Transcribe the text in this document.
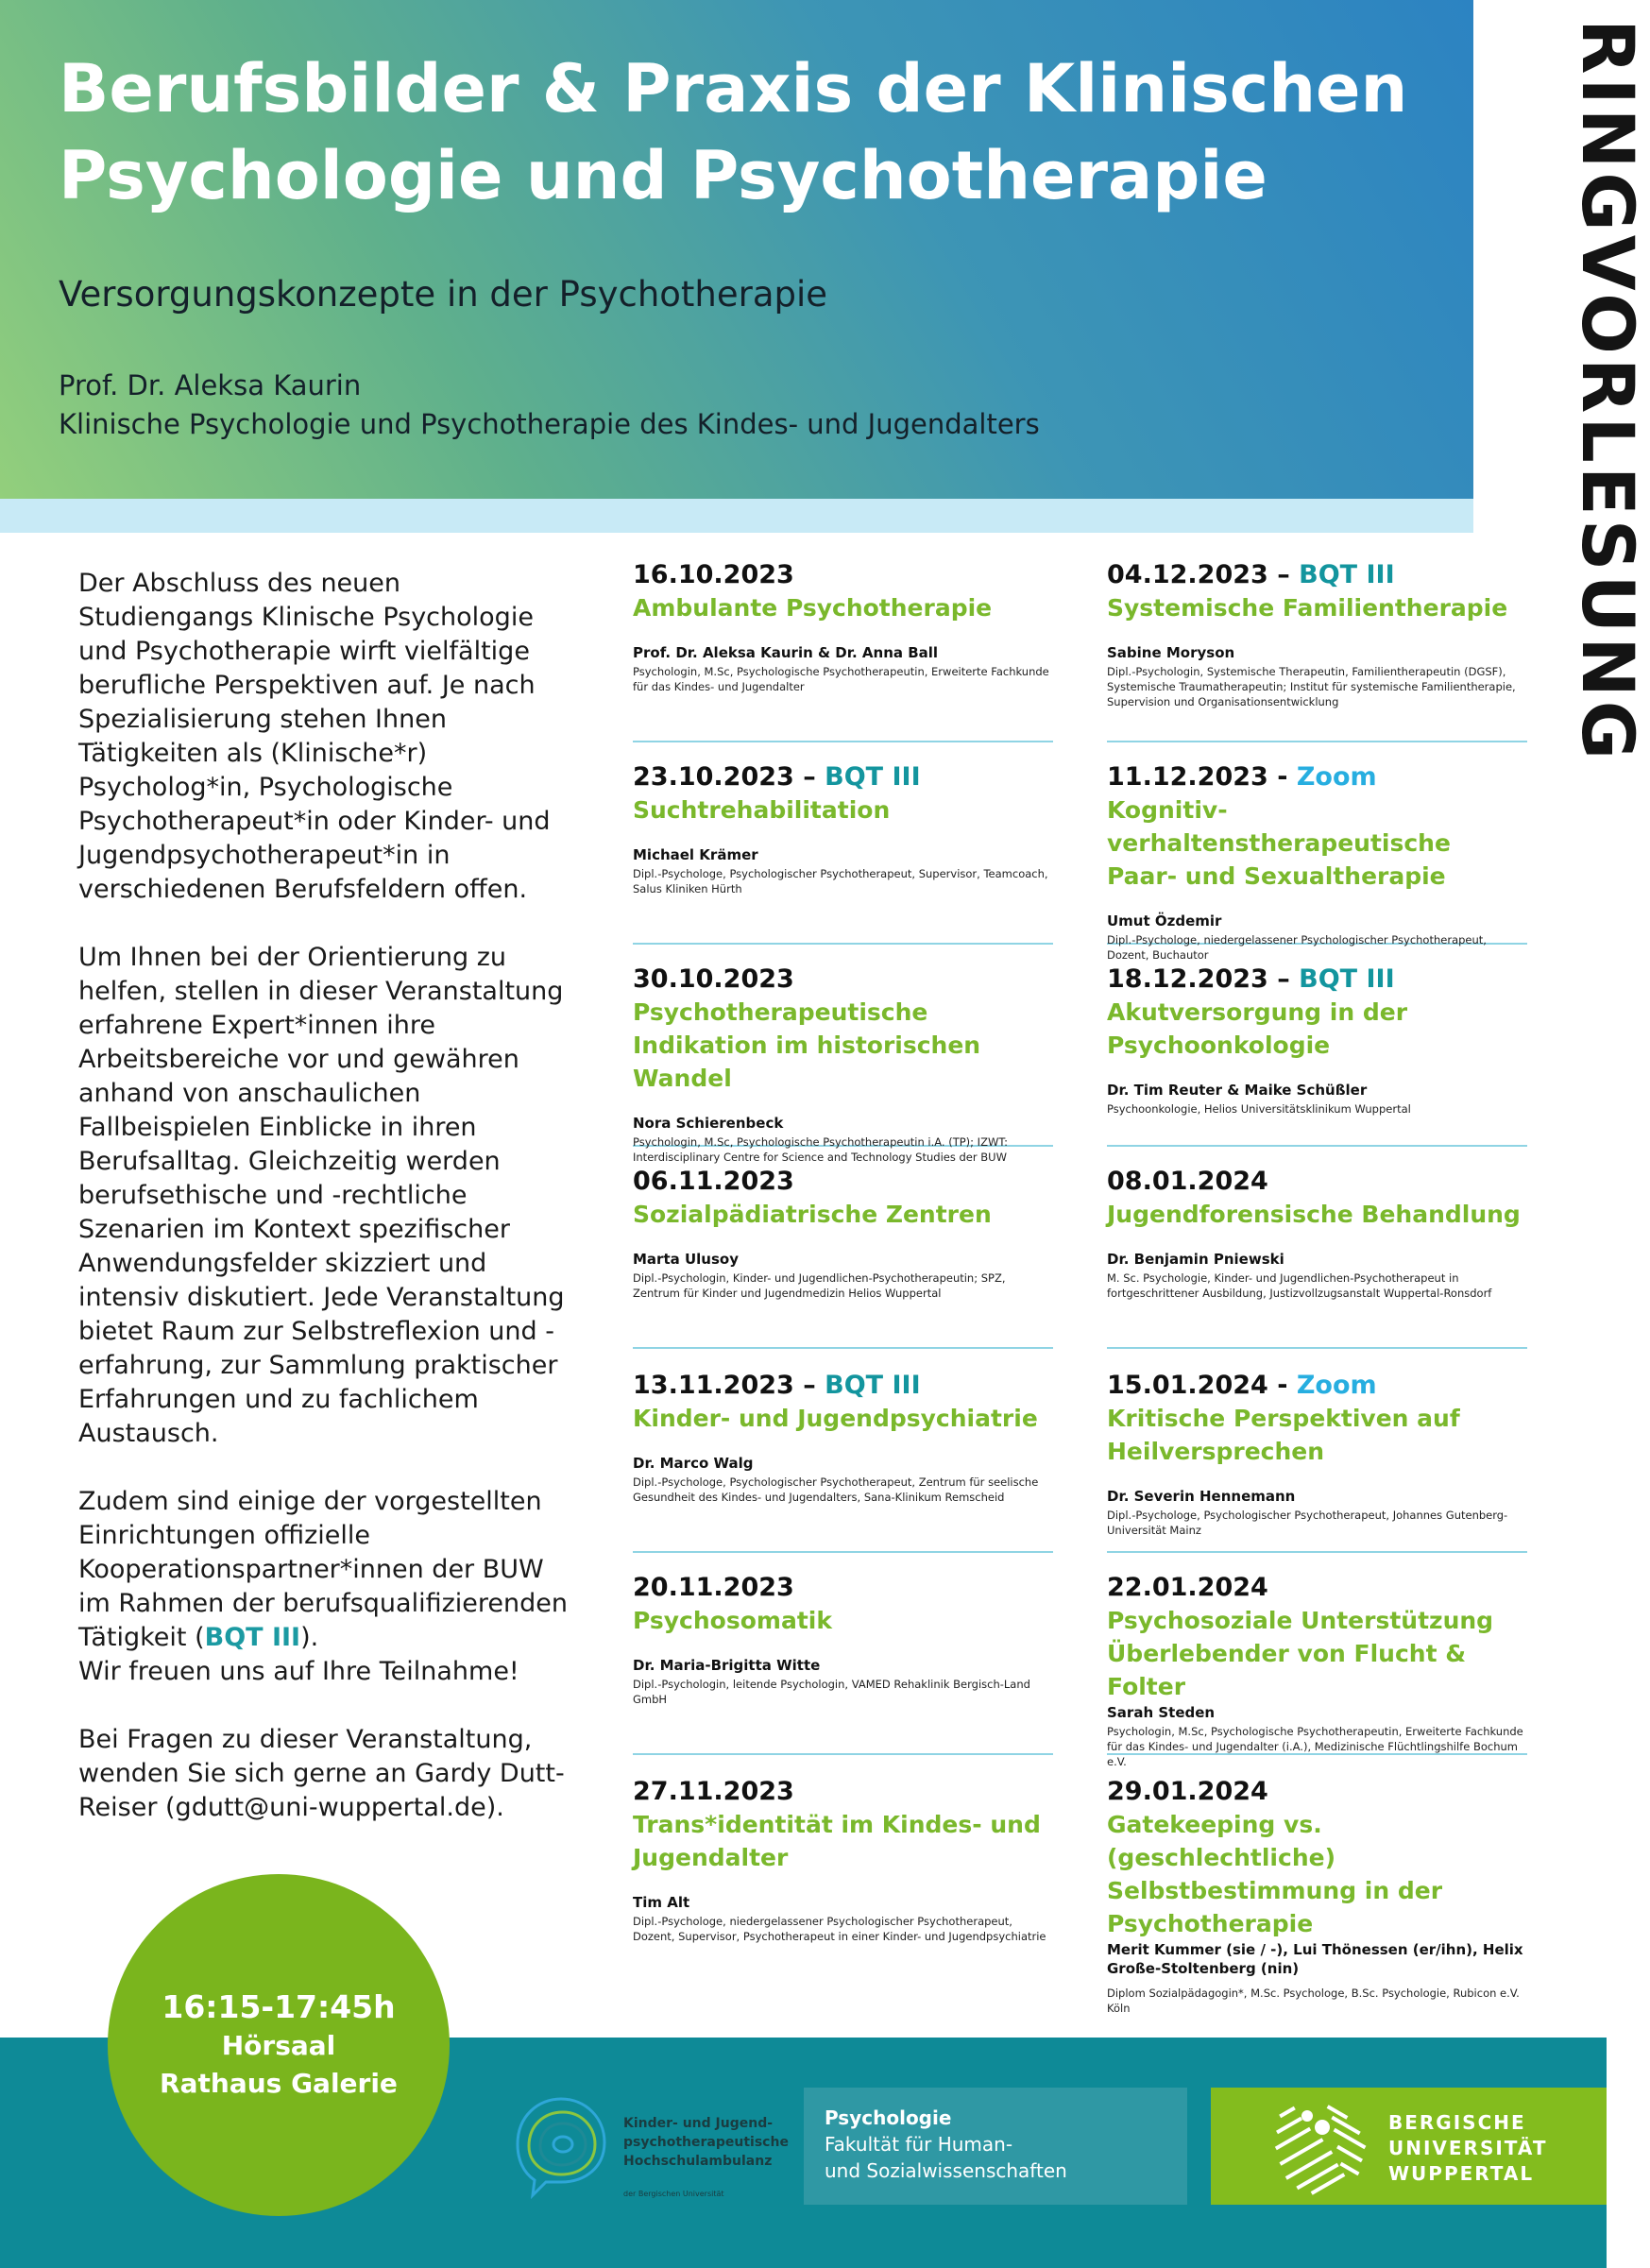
Berufsbilder & Praxis der Klinischen
Psychologie und Psychotherapie
Versorgungskonzepte in der Psychotherapie
Prof. Dr. Aleksa Kaurin
Klinische Psychologie und Psychotherapie des Kindes- und Jugendalters	RINGVORLESUNG

Der Abschluss des neuen Studiengangs Klinische Psychologie und Psychotherapie wirft vielfältige berufliche Perspektiven auf. Je nach Spezialisierung stehen Ihnen Tätigkeiten als (Klinische*r) Psycholog*in, Psychologische Psychotherapeut*in oder Kinder- und Jugendpsychotherapeut*in in verschiedenen Berufsfeldern offen.

Um Ihnen bei der Orientierung zu helfen, stellen in dieser Veranstaltung erfahrene Expert*innen ihre Arbeitsbereiche vor und gewähren anhand von anschaulichen Fallbeispielen Einblicke in ihren Berufsalltag. Gleichzeitig werden berufsethische und -rechtliche Szenarien im Kontext spezifischer Anwendungsfelder skizziert und intensiv diskutiert. Jede Veranstaltung bietet Raum zur Selbstreflexion und -erfahrung, zur Sammlung praktischer Erfahrungen und zu fachlichem Austausch.

Zudem sind einige der vorgestellten Einrichtungen offizielle Kooperationspartner*innen der BUW im Rahmen der berufsqualifizierenden Tätigkeit (BQT III).
Wir freuen uns auf Ihre Teilnahme!

Bei Fragen zu dieser Veranstaltung, wenden Sie sich gerne an Gardy Dutt-Reiser (gdutt@uni-wuppertal.de).

16.10.2023
Ambulante Psychotherapie
Prof. Dr. Aleksa Kaurin & Dr. Anna Ball
Psychologin, M.Sc, Psychologische Psychotherapeutin, Erweiterte Fachkunde für das Kindes- und Jugendalter
23.10.2023 – BQT III
Suchtrehabilitation
Michael Krämer
Dipl.-Psychologe, Psychologischer Psychotherapeut, Supervisor, Teamcoach, Salus Kliniken Hürth
30.10.2023
Psychotherapeutische Indikation im historischen Wandel
Nora Schierenbeck
Psychologin, M.Sc, Psychologische Psychotherapeutin i.A. (TP); IZWT: Interdisciplinary Centre for Science and Technology Studies der BUW
06.11.2023
Sozialpädiatrische Zentren
Marta Ulusoy
Dipl.-Psychologin, Kinder- und Jugendlichen-Psychotherapeutin; SPZ, Zentrum für Kinder und Jugendmedizin Helios Wuppertal
13.11.2023 – BQT III
Kinder- und Jugendpsychiatrie
Dr. Marco Walg
Dipl.-Psychologe, Psychologischer Psychotherapeut, Zentrum für seelische Gesundheit des Kindes- und Jugendalters, Sana-Klinikum Remscheid
20.11.2023
Psychosomatik
Dr. Maria-Brigitta Witte
Dipl.-Psychologin, leitende Psychologin, VAMED Rehaklinik Bergisch-Land GmbH
27.11.2023
Trans*identität im Kindes- und Jugendalter
Tim Alt
Dipl.-Psychologe, niedergelassener Psychologischer Psychotherapeut, Dozent, Supervisor, Psychotherapeut in einer Kinder- und Jugendpsychiatrie
04.12.2023 – BQT III
Systemische Familientherapie
Sabine Moryson
Dipl.-Psychologin, Systemische Therapeutin, Familientherapeutin (DGSF), Systemische Traumatherapeutin; Institut für systemische Familientherapie, Supervision und Organisationsentwicklung
11.12.2023 - Zoom
Kognitiv-verhaltenstherapeutische Paar- und Sexualtherapie
Umut Özdemir
Dipl.-Psychologe, niedergelassener Psychologischer Psychotherapeut, Dozent, Buchautor
18.12.2023 – BQT III
Akutversorgung in der Psychoonkologie
Dr. Tim Reuter & Maike Schüßler
Psychoonkologie, Helios Universitätsklinikum Wuppertal
08.01.2024
Jugendforensische Behandlung
Dr. Benjamin Pniewski
M. Sc. Psychologie, Kinder- und Jugendlichen-Psychotherapeut in fortgeschrittener Ausbildung, Justizvollzugsanstalt Wuppertal-Ronsdorf
15.01.2024 - Zoom
Kritische Perspektiven auf Heilversprechen
Dr. Severin Hennemann
Dipl.-Psychologe, Psychologischer Psychotherapeut, Johannes Gutenberg-Universität Mainz
22.01.2024
Psychosoziale Unterstützung Überlebender von Flucht & Folter
Sarah Steden
Psychologin, M.Sc, Psychologische Psychotherapeutin, Erweiterte Fachkunde für das Kindes- und Jugendalter (i.A.), Medizinische Flüchtlingshilfe Bochum e.V.
29.01.2024
Gatekeeping vs. (geschlechtliche) Selbstbestimmung in der Psychotherapie
Merit Kummer (sie / -), Lui Thönessen (er/ihn), Helix Große-Stoltenberg (nin)
Diplom Sozialpädagogin*, M.Sc. Psychologe, B.Sc. Psychologie, Rubicon e.V. Köln
16:15-17:45h
Hörsaal
Rathaus Galerie
Kinder- und Jugend-
psychotherapeutische
Hochschulambulanz
der Bergischen Universität
Psychologie
Fakultät für Human-
und Sozialwissenschaften
BERGISCHE
UNIVERSITÄT
WUPPERTAL
